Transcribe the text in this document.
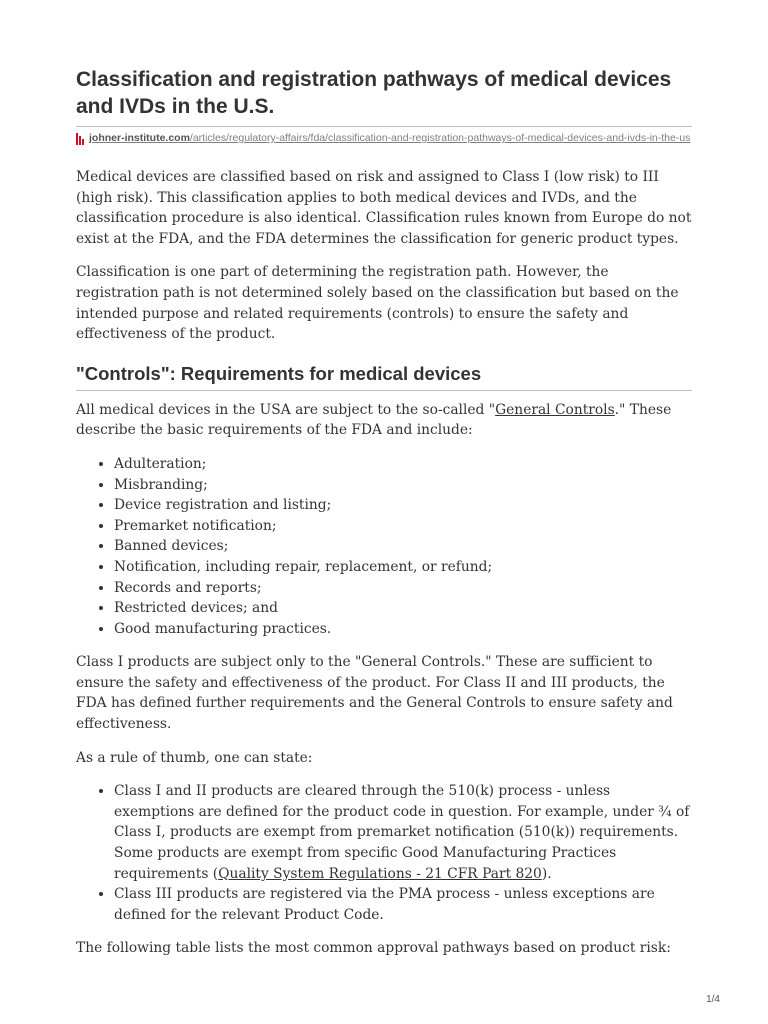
Classification and registration pathways of medical devices and IVDs in the U.S.
johner-institute.com/articles/regulatory-affairs/fda/classification-and-registration-pathways-of-medical-devices-and-ivds-in-the-us

Medical devices are classified based on risk and assigned to Class I (low risk) to III (high risk). This classification applies to both medical devices and IVDs, and the classification procedure is also identical. Classification rules known from Europe do not exist at the FDA, and the FDA determines the classification for generic product types.

Classification is one part of determining the registration path. However, the registration path is not determined solely based on the classification but based on the intended purpose and related requirements (controls) to ensure the safety and effectiveness of the product.

"Controls": Requirements for medical devices

All medical devices in the USA are subject to the so-called "General Controls." These describe the basic requirements of the FDA and include:

• Adulteration;
• Misbranding;
• Device registration and listing;
• Premarket notification;
• Banned devices;
• Notification, including repair, replacement, or refund;
• Records and reports;
• Restricted devices; and
• Good manufacturing practices.

Class I products are subject only to the "General Controls." These are sufficient to ensure the safety and effectiveness of the product. For Class II and III products, the FDA has defined further requirements and the General Controls to ensure safety and effectiveness.

As a rule of thumb, one can state:

• Class I and II products are cleared through the 510(k) process - unless exemptions are defined for the product code in question. For example, under ¾ of Class I, products are exempt from premarket notification (510(k)) requirements. Some products are exempt from specific Good Manufacturing Practices requirements (Quality System Regulations - 21 CFR Part 820).
• Class III products are registered via the PMA process - unless exceptions are defined for the relevant Product Code.

The following table lists the most common approval pathways based on product risk:

1/4
